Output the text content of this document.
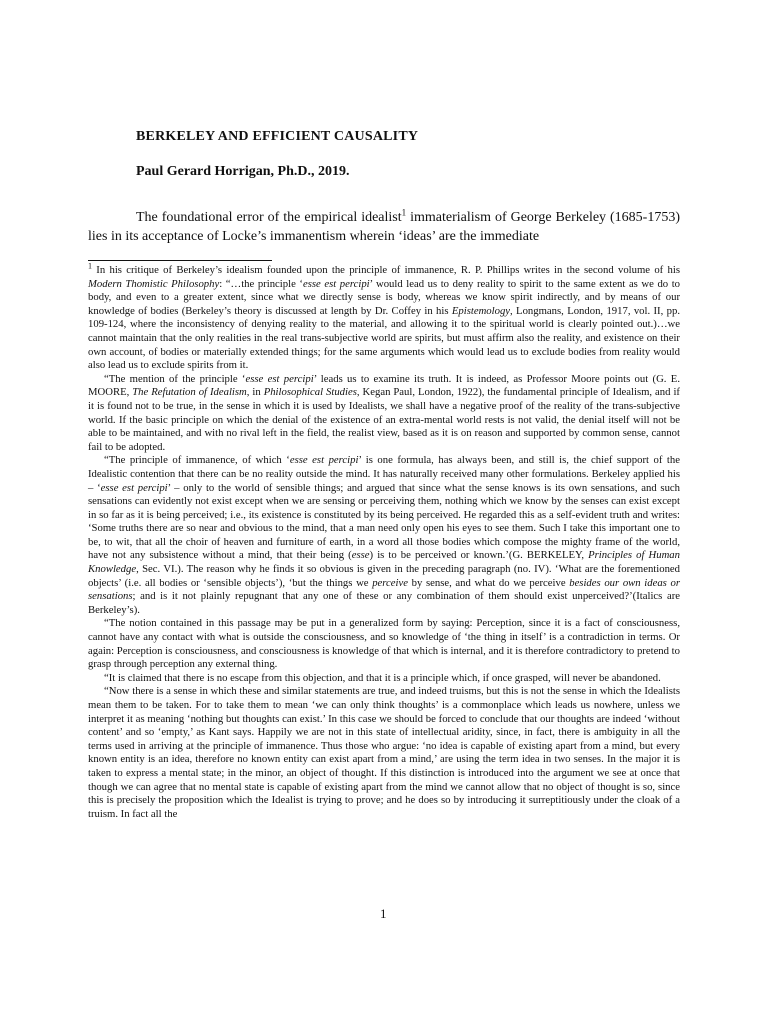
BERKELEY AND EFFICIENT CAUSALITY
Paul Gerard Horrigan, Ph.D., 2019.

The foundational error of the empirical idealist$^1$ immaterialism of George Berkeley (1685-1753) lies in its acceptance of Locke’s immanentism wherein ‘ideas’ are the immediate

$^1$ In his critique of Berkeley’s idealism founded upon the principle of immanence, R. P. Phillips writes in the second volume of his Modern Thomistic Philosophy: “…the principle ‘esse est percipi’ would lead us to deny reality to spirit to the same extent as we do to body, and even to a greater extent, since what we directly sense is body, whereas we know spirit indirectly, and by means of our knowledge of bodies (Berkeley’s theory is discussed at length by Dr. Coffey in his Epistemology, Longmans, London, 1917, vol. II, pp. 109-124, where the inconsistency of denying reality to the material, and allowing it to the spiritual world is clearly pointed out.)…we cannot maintain that the only realities in the real trans-subjective world are spirits, but must affirm also the reality, and existence on their own account, of bodies or materially extended things; for the same arguments which would lead us to exclude bodies from reality would also lead us to exclude spirits from it.

“The mention of the principle ‘esse est percipi’ leads us to examine its truth. It is indeed, as Professor Moore points out (G. E. MOORE, The Refutation of Idealism, in Philosophical Studies, Kegan Paul, London, 1922), the fundamental principle of Idealism, and if it is found not to be true, in the sense in which it is used by Idealists, we shall have a negative proof of the reality of the trans-subjective world. If the basic principle on which the denial of the existence of an extra-mental world rests is not valid, the denial itself will not be able to be maintained, and with no rival left in the field, the realist view, based as it is on reason and supported by common sense, cannot fail to be adopted.

“The principle of immanence, of which ‘esse est percipi’ is one formula, has always been, and still is, the chief support of the Idealistic contention that there can be no reality outside the mind. It has naturally received many other formulations. Berkeley applied his – ‘esse est percipi’ – only to the world of sensible things; and argued that since what the sense knows is its own sensations, and such sensations can evidently not exist except when we are sensing or perceiving them, nothing which we know by the senses can exist except in so far as it is being perceived; i.e., its existence is constituted by its being perceived. He regarded this as a self-evident truth and writes: ‘Some truths there are so near and obvious to the mind, that a man need only open his eyes to see them. Such I take this important one to be, to wit, that all the choir of heaven and furniture of earth, in a word all those bodies which compose the mighty frame of the world, have not any subsistence without a mind, that their being (esse) is to be perceived or known.’(G. BERKELEY, Principles of Human Knowledge, Sec. VI.). The reason why he finds it so obvious is given in the preceding paragraph (no. IV). ‘What are the forementioned objects’ (i.e. all bodies or ‘sensible objects’), ‘but the things we perceive by sense, and what do we perceive besides our own ideas or sensations; and is it not plainly repugnant that any one of these or any combination of them should exist unperceived?’(Italics are Berkeley’s).

“The notion contained in this passage may be put in a generalized form by saying: Perception, since it is a fact of consciousness, cannot have any contact with what is outside the consciousness, and so knowledge of ‘the thing in itself’ is a contradiction in terms. Or again: Perception is consciousness, and consciousness is knowledge of that which is internal, and it is therefore contradictory to pretend to grasp through perception any external thing.

“It is claimed that there is no escape from this objection, and that it is a principle which, if once grasped, will never be abandoned.

“Now there is a sense in which these and similar statements are true, and indeed truisms, but this is not the sense in which the Idealists mean them to be taken. For to take them to mean ‘we can only think thoughts’ is a commonplace which leads us nowhere, unless we interpret it as meaning ‘nothing but thoughts can exist.’ In this case we should be forced to conclude that our thoughts are indeed ‘without content’ and so ‘empty,’ as Kant says. Happily we are not in this state of intellectual aridity, since, in fact, there is ambiguity in all the terms used in arriving at the principle of immanence. Thus those who argue: ‘no idea is capable of existing apart from a mind, but every known entity is an idea, therefore no known entity can exist apart from a mind,’ are using the term idea in two senses. In the major it is taken to express a mental state; in the minor, an object of thought. If this distinction is introduced into the argument we see at once that though we can agree that no mental state is capable of existing apart from the mind we cannot allow that no object of thought is so, since this is precisely the proposition which the Idealist is trying to prove; and he does so by introducing it surreptitiously under the cloak of a truism. In fact all the

1
